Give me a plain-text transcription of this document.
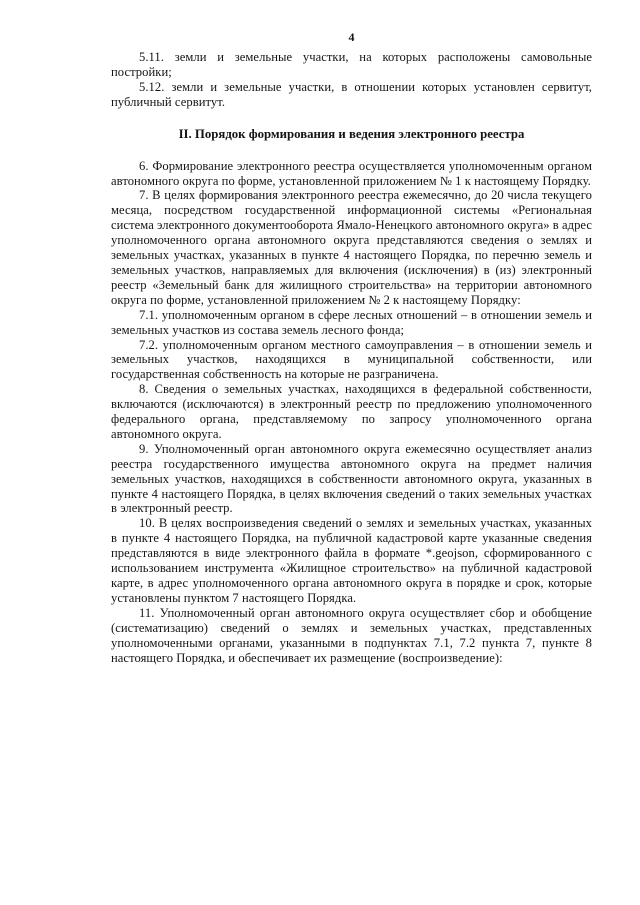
4

5.11. земли и земельные участки, на которых расположены самовольные постройки;

5.12. земли и земельные участки, в отношении которых установлен сервитут, публичный сервитут.

II. Порядок формирования и ведения электронного реестра

6. Формирование электронного реестра осуществляется уполномоченным органом автономного округа по форме, установленной приложением № 1 к настоящему Порядку.

7. В целях формирования электронного реестра ежемесячно, до 20 числа текущего месяца, посредством государственной информационной системы «Региональная система электронного документооборота Ямало-Ненецкого автономного округа» в адрес уполномоченного органа автономного округа представляются сведения о землях и земельных участках, указанных в пункте 4 настоящего Порядка, по перечню земель и земельных участков, направляемых для включения (исключения) в (из) электронный реестр «Земельный банк для жилищного строительства» на территории автономного округа по форме, установленной приложением № 2 к настоящему Порядку:

7.1. уполномоченным органом в сфере лесных отношений – в отношении земель и земельных участков из состава земель лесного фонда;

7.2. уполномоченным органом местного самоуправления – в отношении земель и земельных участков, находящихся в муниципальной собственности, или государственная собственность на которые не разграничена.

8. Сведения о земельных участках, находящихся в федеральной собственности, включаются (исключаются) в электронный реестр по предложению уполномоченного федерального органа, представляемому по запросу уполномоченного органа автономного округа.

9. Уполномоченный орган автономного округа ежемесячно осуществляет анализ реестра государственного имущества автономного округа на предмет наличия земельных участков, находящихся в собственности автономного округа, указанных в пункте 4 настоящего Порядка, в целях включения сведений о таких земельных участках в электронный реестр.

10. В целях воспроизведения сведений о землях и земельных участках, указанных в пункте 4 настоящего Порядка, на публичной кадастровой карте указанные сведения представляются в виде электронного файла в формате *.geojson, сформированного с использованием инструмента «Жилищное строительство» на публичной кадастровой карте, в адрес уполномоченного органа автономного округа в порядке и срок, которые установлены пунктом 7 настоящего Порядка.

11. Уполномоченный орган автономного округа осуществляет сбор и обобщение (систематизацию) сведений о землях и земельных участках, представленных уполномоченными органами, указанными в подпунктах 7.1, 7.2 пункта 7, пункте 8 настоящего Порядка, и обеспечивает их размещение (воспроизведение):
